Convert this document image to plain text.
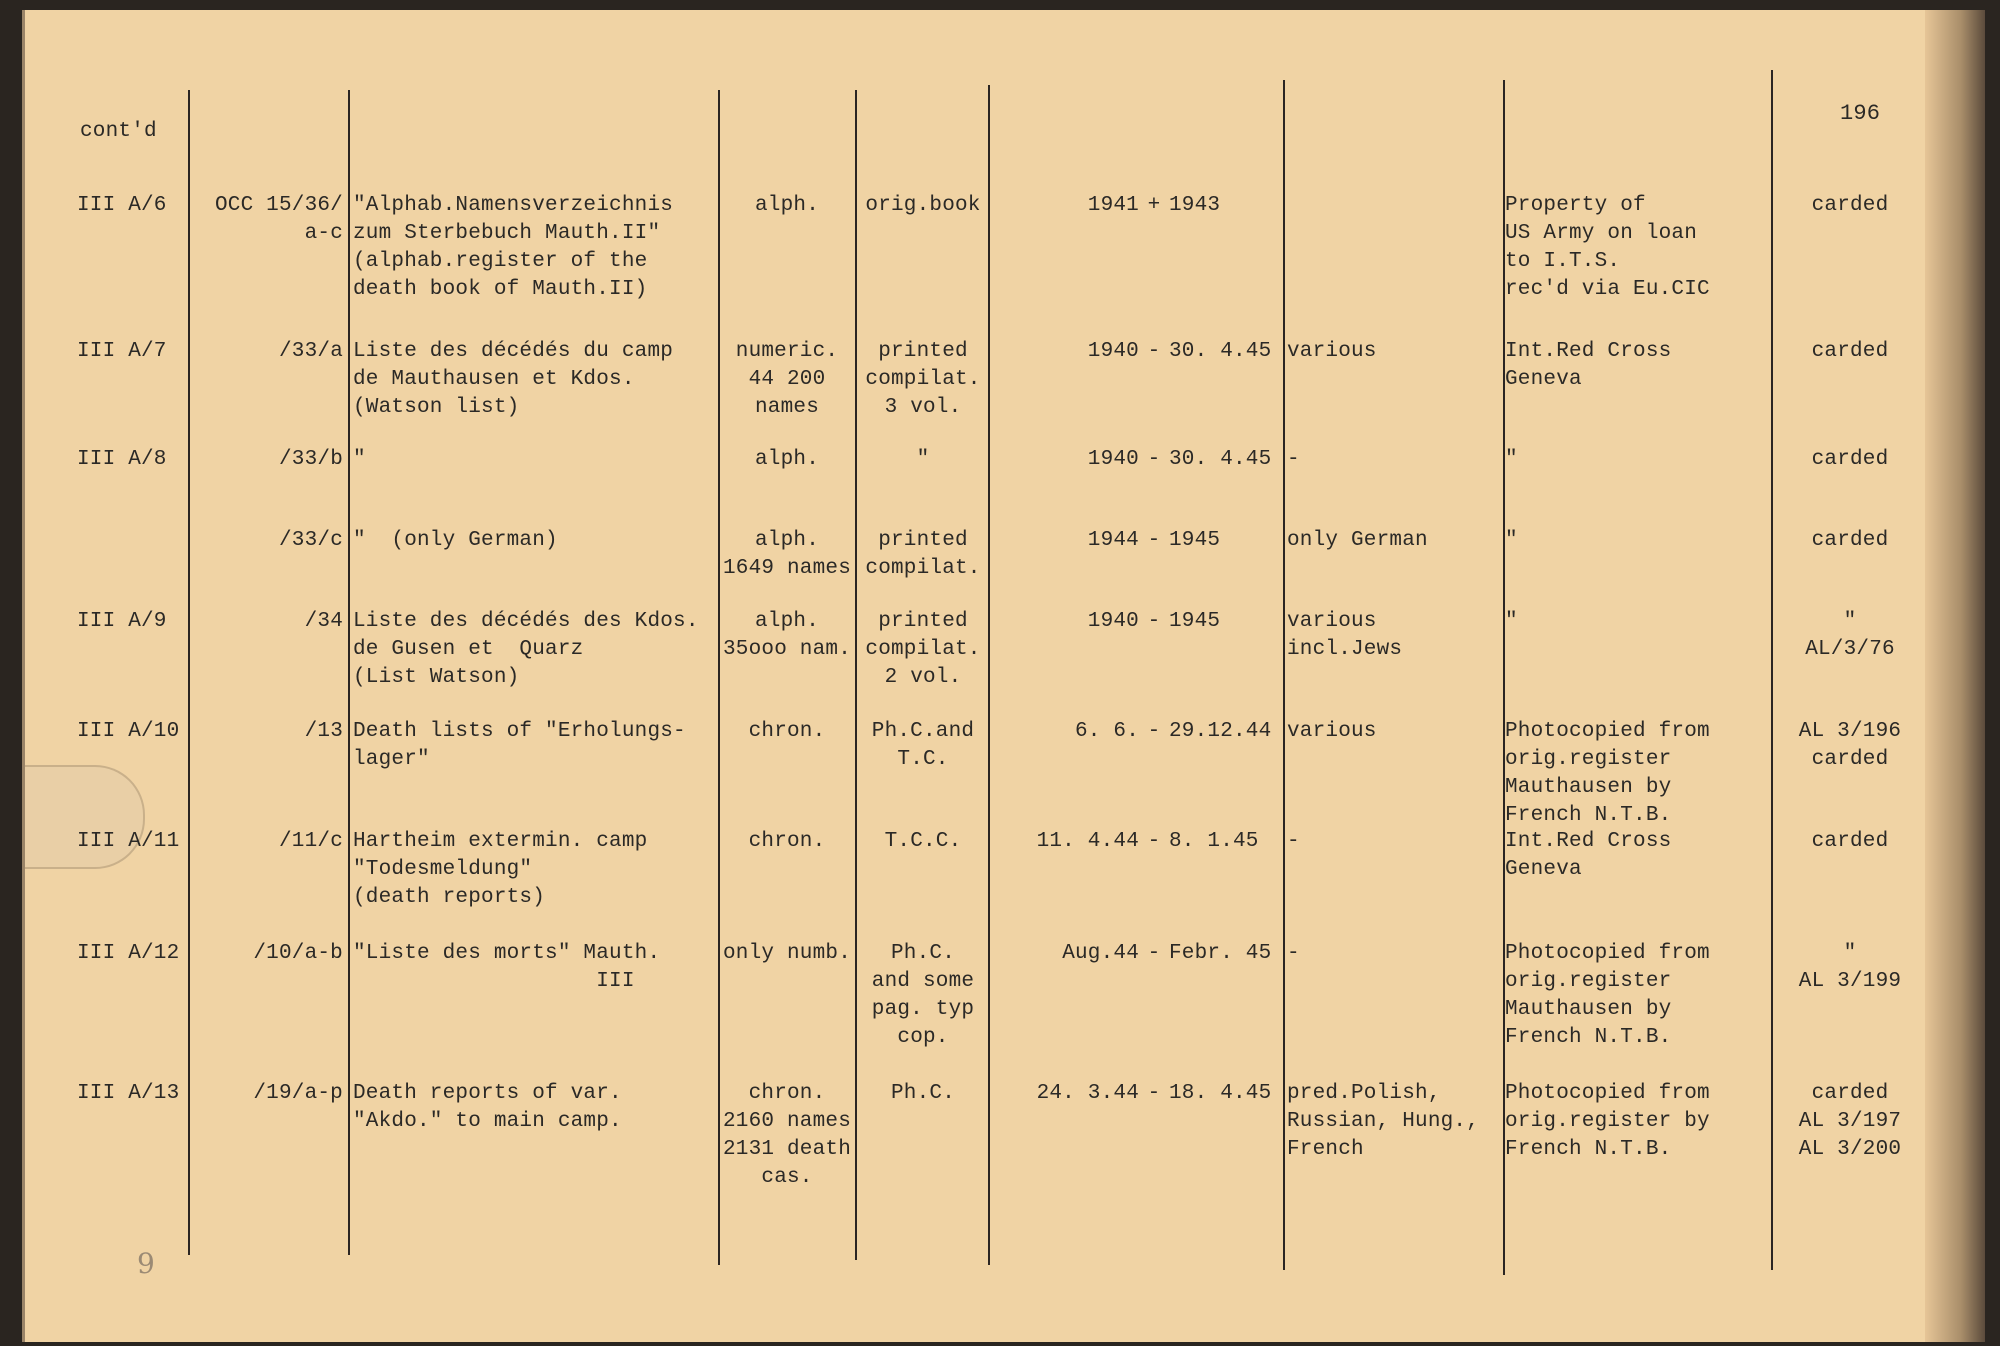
cont'd
196
9
III A/6	OCC 15/36/ "Alphab.Namensverzeichnis
zum Sterbebuch Mauth.II"
(alphab.register of the
death book of Mauth.II)
alph.	orig.book	1941 + 1943	Property of
US Army on loan
to I.T.S.
rec'd via Eu.CIC
carded
a-c
III A/7	/33/a Liste des décédés du camp
de Mauthausen et Kdos.
(Watson list)
numeric.
44 200
names
printed
compilat.
3 vol.
1940 - 30. 4.45 various	Int.Red Cross
Geneva
carded
III A/8	/33/b "	alph.	"	1940 - 30. 4.45 -	"	carded
/33/c "  (only German)	alph.
1649 names
printed
compilat.
1944 - 1945	only German	"	carded
III A/9	/34 Liste des décédés des Kdos.
de Gusen et  Quarz
(List Watson)
alph.
35ooo nam.
printed
compilat.
2 vol.
1940 - 1945	various
incl.Jews
"	"
AL/3/76
III A/10	/13 Death lists of "Erholungs-
lager"
chron.	Ph.C.and
T.C.
6. 6. - 29.12.44 various	Photocopied from
orig.register
Mauthausen by
French N.T.B.
AL 3/196
carded
III A/11	/11/c Hartheim extermin. camp
"Todesmeldung"
(death reports)
chron.	T.C.C.	11. 4.44 - 8. 1.45	-	Int.Red Cross
Geneva
carded
III A/12	/10/a-b "Liste des morts" Mauth.
III
only numb.	Ph.C.
and some
pag. typ
cop.
Aug.44 - Febr. 45 -	Photocopied from
orig.register
Mauthausen by
French N.T.B.
"
AL 3/199
III A/13	/19/a-p Death reports of var.
"Akdo." to main camp.
chron.
2160 names
2131 death
cas.
Ph.C.	24. 3.44 - 18. 4.45 pred.Polish,
Russian, Hung.,
French
Photocopied from
orig.register by
French N.T.B.
carded
AL 3/197
AL 3/200
